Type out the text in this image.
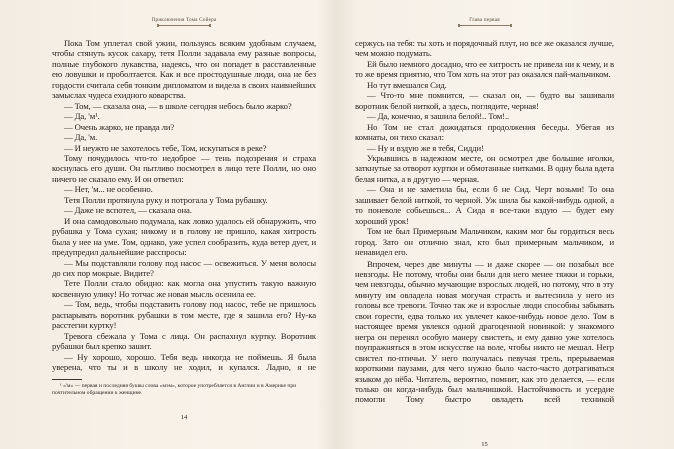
Приключения Тома Сойера

Пока Том уплетал свой ужин, пользуясь всяким удобным случаем, чтобы стянуть кусок сахару, тетя Полли задавала ему разные вопросы, полные глубокого лукавства, надеясь, что он попадет в расставленные ею ловушки и проболтается. Как и все простодушные люди, она не без гордости считала себя тонким дипломатом и видела в своих наивнейших замыслах чудеса ехидного коварства.

— Том, — сказала она, — в школе сегодня небось было жарко?

— Да, 'м¹.

— Очень жарко, не правда ли?

— Да, 'м.

— И неужто не захотелось тебе, Том, искупаться в реке?

Тому почудилось что-то недоброе — тень подозрения и страха коснулась его души. Он пытливо посмотрел в лицо тете Полли, но оно ничего не сказало ему. И он ответил:

— Нет, 'м... не особенно.

Тетя Полли протянула руку и потрогала у Тома рубашку.

— Даже не вспотел, — сказала она.

И она самодовольно подумала, как ловко удалось ей обнаружить, что рубашка у Тома сухая; никому и в голову не пришло, какая хитрость была у нее на уме. Том, однако, уже успел сообразить, куда ветер дует, и предупредил дальнейшие расспросы:

— Мы подставляли голову под насос — освежиться. У меня волосы до сих пор мокрые. Видите?

Тете Полли стало обидно: как могла она упустить такую важную косвенную улику! Но тотчас же новая мысль осенила ее.

— Том, ведь, чтобы подставить голову под насос, тебе не пришлось распарывать воротник рубашки в том месте, где я зашила его? Ну-ка расстегни куртку!

Тревога сбежала у Тома с лица. Он распахнул куртку. Воротник рубашки был крепко зашит.

— Ну хорошо, хорошо. Тебя ведь никогда не поймешь. Я была уверена, что ты и в школу не ходил, и купался. Ладно, я не

¹ «'м» — первая и последняя буквы слова «мэм», которое употребляется в Англии и в Америке при почтительном обращении к женщине.
14
Глава первая

сержусь на тебя: ты хоть и порядочный плут, но все же оказался лучше, чем можно подумать.

Ей было немного досадно, что ее хитрость не привела ни к чему, и в то же время приятно, что Том хоть на этот раз оказался пай-мальчиком.

Но тут вмешался Сид.

— Что-то мне помнится, — сказал он, — будто вы зашивали воротник белой ниткой, а здесь, поглядите, черная!

— Да, конечно, я зашила белой!.. Том!..

Но Том не стал дожидаться продолжения беседы. Убегая из комнаты, он тихо сказал:

— Ну и вздую же я тебя, Сидди!

Укрывшись в надежном месте, он осмотрел две большие иголки, заткнутые за отворот куртки и обмотанные нитками. В одну была вдета белая нитка, а в другую — черная.

— Она и не заметила бы, если б не Сид. Черт возьми! То она зашивает белой ниткой, то черной. Уж шила бы какой-нибудь одной, а то поневоле собьешься... А Сида я все-таки вздую — будет ему хороший урок!

Том не был Примерным Мальчиком, каким мог бы гордиться весь город. Зато он отлично знал, кто был примерным мальчиком, и ненавидел его.

Впрочем, через две минуты — и даже скорее — он позабыл все невзгоды. Не потому, чтобы они были для него менее тяжки и горьки, чем невзгоды, обычно мучающие взрослых людей, но потому, что в эту минуту им овладела новая могучая страсть и вытеснила у него из головы все тревоги. Точно так же и взрослые люди способны забывать свои горести, едва только их увлечет какое-нибудь новое дело. Том в настоящее время увлекся одной драгоценной новинкой: у знакомого негра он перенял особую манеру свистеть, и ему давно уже хотелось поупражняться в этом искусстве на воле, чтобы никто не мешал. Негр свистел по-птичьи. У него получалась певучая трель, прерываемая короткими паузами, для чего нужно было часто-часто дотрагиваться языком до нёба. Читатель, вероятно, помнит, как это делается, — если только он когда-нибудь был мальчишкой. Настойчивость и усердие помогли Тому быстро овладеть всей техникой

15
